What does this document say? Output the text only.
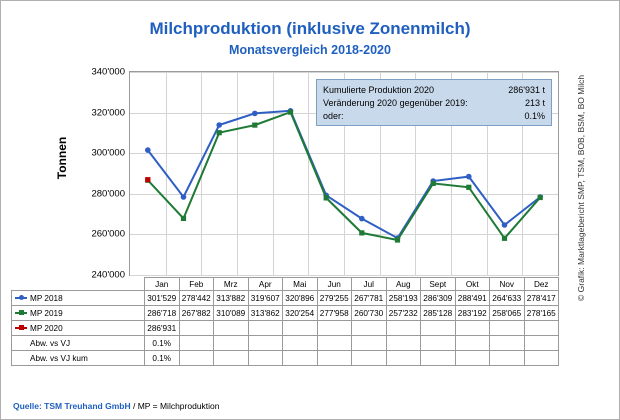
Milchproduktion (inklusive Zonenmilch)
Monatsvergleich 2018-2020
Tonnen	© Grafik: Marktlagebericht SMP, TSM, BOB, BSM, BO Milch
340'000
320'000
300'000
280'000
260'000
240'000
Kumulierte Produktion 2020	286'931 t
Veränderung 2020 gegenüber 2019:	213 t
oder:	0.1%
	Jan	Feb	Mrz	Apr	Mai	Jun	Jul	Aug	Sept	Okt	Nov	Dez
MP 2018	301'529	278'442	313'882	319'607	320'896	279'255	267'781	258'193	286'309	288'491	264'633	278'417
MP 2019	286'718	267'882	310'089	313'862	320'254	277'958	260'730	257'232	285'128	283'192	258'065	278'165
MP 2020	286'931											
Abw. vs VJ	0.1%											
Abw. vs VJ kum	0.1%											
Quelle: TSM Treuhand GmbH / MP = Milchproduktion
